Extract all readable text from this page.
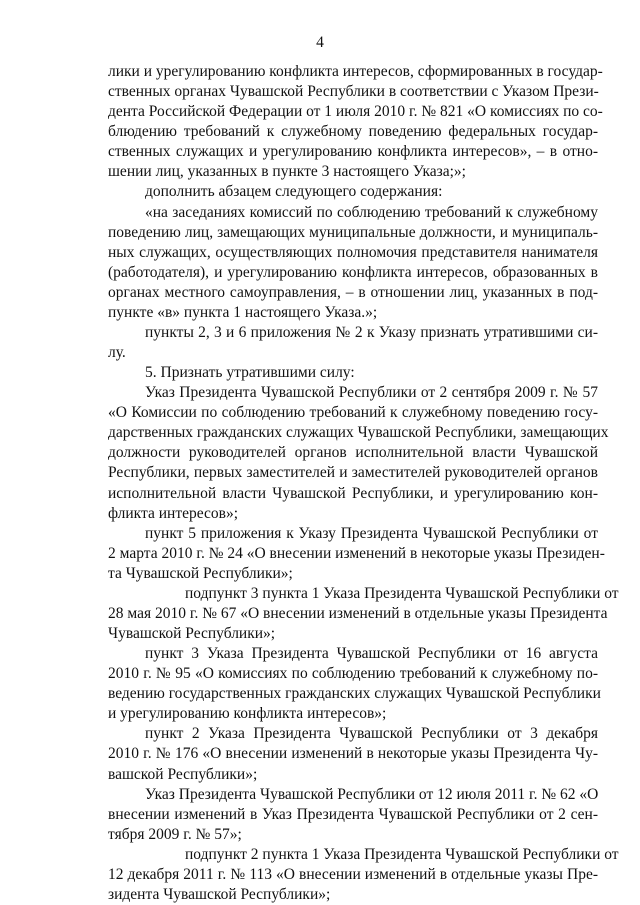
4
лики и урегулированию конфликта интересов, сформированных в государ-
ственных органах Чувашской Республики в соответствии с Указом Прези-
дента Российской Федерации от 1 июля 2010 г. № 821 «О комиссиях по со-
блюдению требований к служебному поведению федеральных государ-
ственных служащих и урегулированию конфликта интересов», – в отно-
шении лиц, указанных в пункте 3 настоящего Указа;»;
дополнить абзацем следующего содержания:
«на заседаниях комиссий по соблюдению требований к служебному
поведению лиц, замещающих муниципальные должности, и муниципаль-
ных служащих, осуществляющих полномочия представителя нанимателя
(работодателя), и урегулированию конфликта интересов, образованных в
органах местного самоуправления, – в отношении лиц, указанных в под-
пункте «в» пункта 1 настоящего Указа.»;
пункты 2, 3 и 6 приложения № 2 к Указу признать утратившими си-
лу.
5. Признать утратившими силу:
Указ Президента Чувашской Республики от 2 сентября 2009 г. № 57
«О Комиссии по соблюдению требований к служебному поведению госу-
дарственных гражданских служащих Чувашской Республики, замещающих
должности руководителей органов исполнительной власти Чувашской
Республики, первых заместителей и заместителей руководителей органов
исполнительной власти Чувашской Республики, и урегулированию кон-
фликта интересов»;
пункт 5 приложения к Указу Президента Чувашской Республики от
2 марта 2010 г. № 24 «О внесении изменений в некоторые указы Президен-
та Чувашской Республики»;
подпункт 3 пункта 1 Указа Президента Чувашской Республики от
28 мая 2010 г. № 67 «О внесении изменений в отдельные указы Президента
Чувашской Республики»;
пункт 3 Указа Президента Чувашской Республики от 16 августа
2010 г. № 95 «О комиссиях по соблюдению требований к служебному по-
ведению государственных гражданских служащих Чувашской Республики
и урегулированию конфликта интересов»;
пункт 2 Указа Президента Чувашской Республики от 3 декабря
2010 г. № 176 «О внесении изменений в некоторые указы Президента Чу-
вашской Республики»;
Указ Президента Чувашской Республики от 12 июля 2011 г. № 62 «О
внесении изменений в Указ Президента Чувашской Республики от 2 сен-
тября 2009 г. № 57»;
подпункт 2 пункта 1 Указа Президента Чувашской Республики от
12 декабря 2011 г. № 113 «О внесении изменений в отдельные указы Пре-
зидента Чувашской Республики»;
